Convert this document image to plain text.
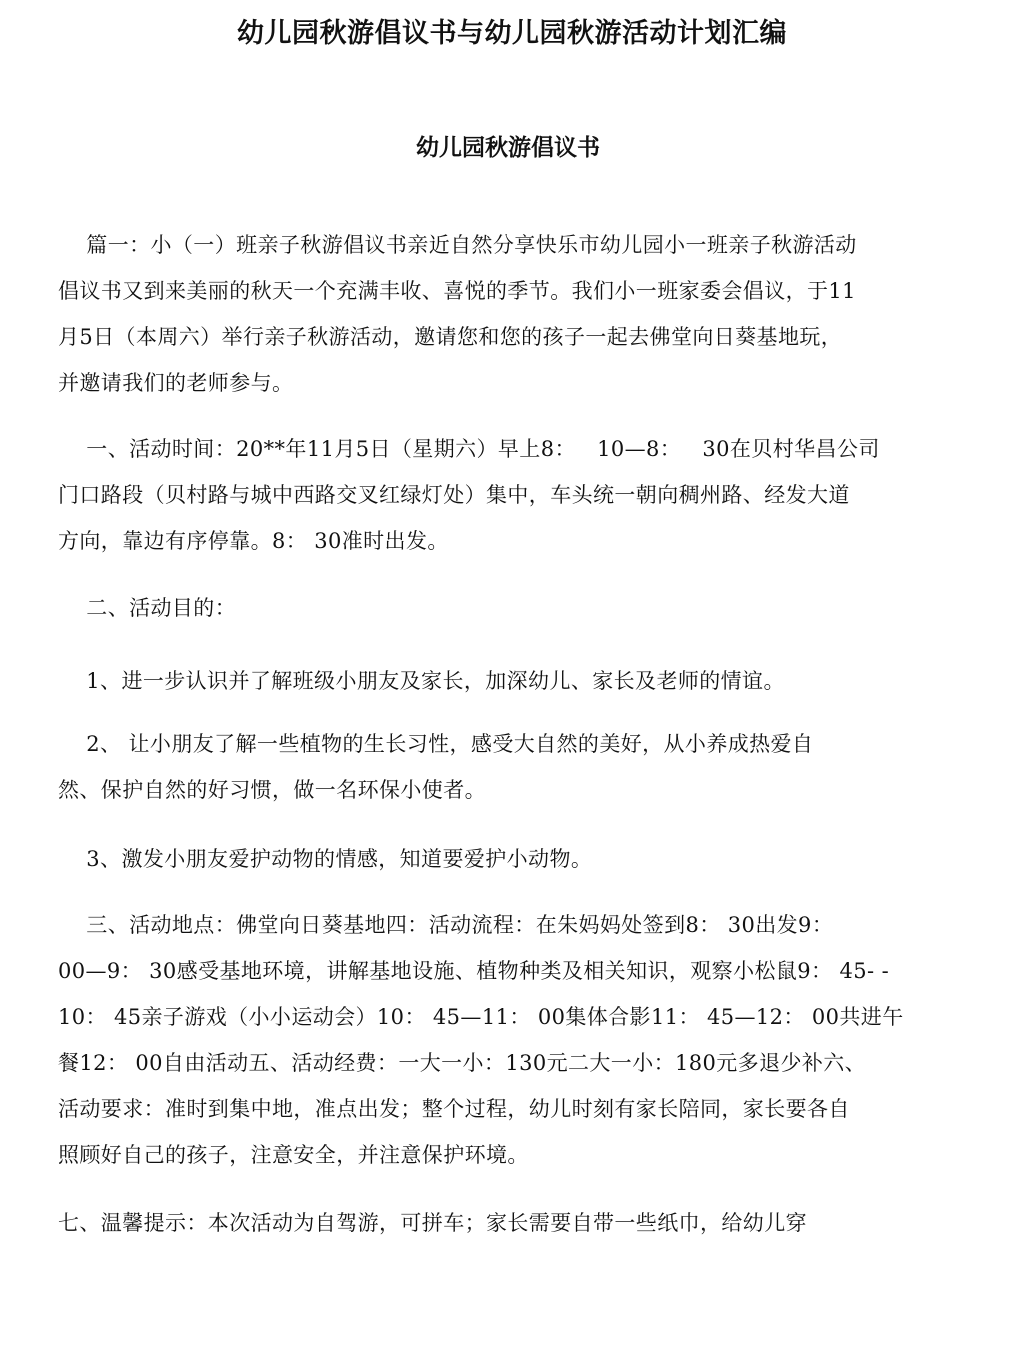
幼儿园秋游倡议书与幼儿园秋游活动计划汇编
幼儿园秋游倡议书
篇一：小（一）班亲子秋游倡议书亲近自然分享快乐市幼儿园小一班亲子秋游活动
倡议书又到来美丽的秋天一个充满丰收、喜悦的季节。我们小一班家委会倡议，于11
月5日（本周六）举行亲子秋游活动，邀请您和您的孩子一起去佛堂向日葵基地玩，
并邀请我们的老师参与。
一、活动时间：20**年11月5日（星期六）早上8：   10—8：   30在贝村华昌公司
门口路段（贝村路与城中西路交叉红绿灯处）集中，车头统一朝向稠州路、经发大道
方向，靠边有序停靠。8： 30准时出发。
二、活动目的：
1、进一步认识并了解班级小朋友及家长，加深幼儿、家长及老师的情谊。
2、 让小朋友了解一些植物的生长习性，感受大自然的美好，从小养成热爱自
然、保护自然的好习惯，做一名环保小使者。
3、激发小朋友爱护动物的情感，知道要爱护小动物。
三、活动地点：佛堂向日葵基地四：活动流程：在朱妈妈处签到8： 30出发9：
00—9： 30感受基地环境，讲解基地设施、植物种类及相关知识，观察小松鼠9： 45- -
10： 45亲子游戏（小小运动会）10： 45—11： 00集体合影11： 45—12： 00共进午
餐12： 00自由活动五、活动经费：一大一小：130元二大一小：180元多退少补六、
活动要求：准时到集中地，准点出发；整个过程，幼儿时刻有家长陪同，家长要各自
照顾好自己的孩子，注意安全，并注意保护环境。
七、温馨提示：本次活动为自驾游，可拼车；家长需要自带一些纸巾，给幼儿穿
